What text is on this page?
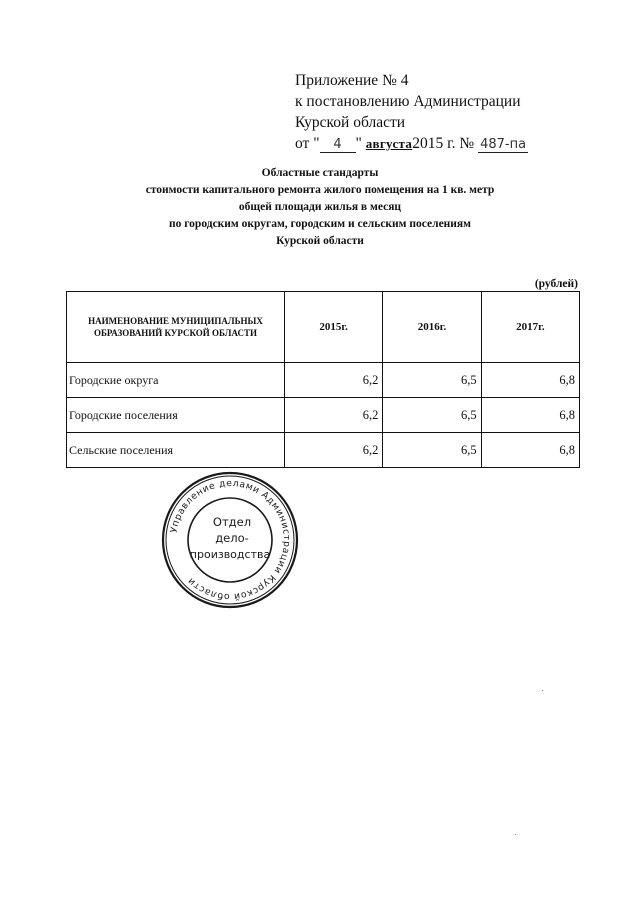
Приложение № 4
к постановлению Администрации
Курской области
от " 4 " августа2015 г. № 487-па
Областные стандарты
стоимости капитального ремонта жилого помещения на 1 кв. метр
общей площади жилья в месяц
по городским округам, городским и сельским поселениям
Курской области
(рублей)
НАИМЕНОВАНИЕ МУНИЦИПАЛЬНЫХ ОБРАЗОВАНИЙ КУРСКОЙ ОБЛАСТИ	2015г.	2016г.	2017г.
Городские округа	6,2	6,5	6,8
Городские поселения	6,2	6,5	6,8
Сельские поселения	6,2	6,5	6,8
Управление делами Администрации Курской области
Отдел
дело-
производства
